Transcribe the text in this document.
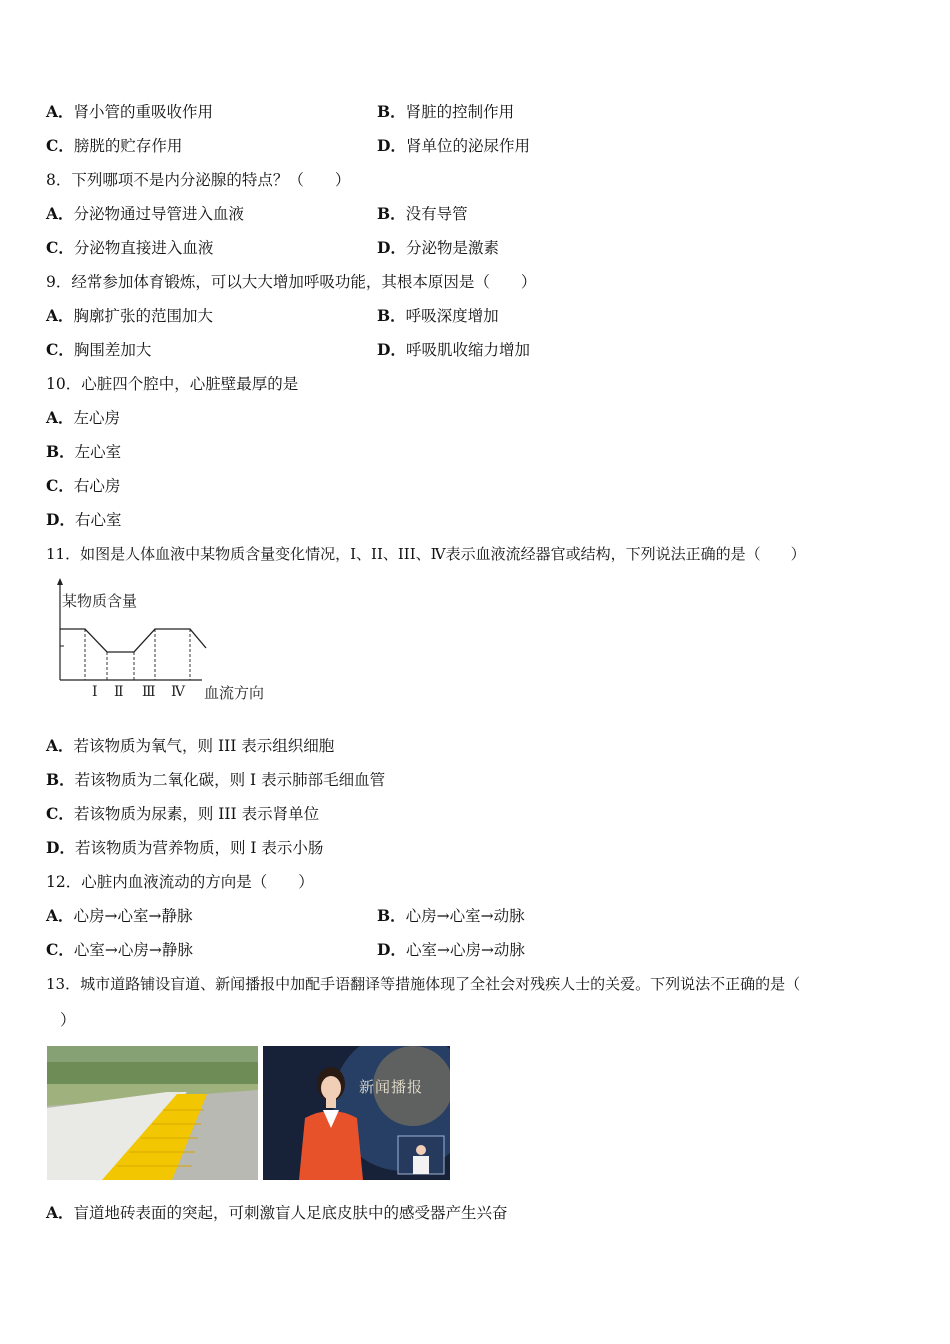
A．肾小管的重吸收作用	B．肾脏的控制作用
C．膀胱的贮存作用	D．肾单位的泌尿作用
8．下列哪项不是内分泌腺的特点？（　　）
A．分泌物通过导管进入血液	B．没有导管
C．分泌物直接进入血液	D．分泌物是激素
9．经常参加体育锻炼，可以大大增加呼吸功能，其根本原因是（　　）
A．胸廓扩张的范围加大	B．呼吸深度增加
C．胸围差加大	D．呼吸肌收缩力增加
10．心脏四个腔中，心脏壁最厚的是
A．左心房
B．左心室
C．右心房
D．右心室
11．如图是人体血液中某物质含量变化情况，I、II、III、Ⅳ表示血液流经器官或结构，下列说法正确的是（　　）
某物质含量
Ⅰ Ⅱ Ⅲ Ⅳ 血流方向
A．若该物质为氧气，则 III 表示组织细胞
B．若该物质为二氧化碳，则 I 表示肺部毛细血管
C．若该物质为尿素，则 III 表示肾单位
D．若该物质为营养物质，则 I 表示小肠
12．心脏内血液流动的方向是（　　）
A．心房→心室→静脉	B．心房→心室→动脉
C．心室→心房→静脉	D．心室→心房→动脉
13．城市道路铺设盲道、新闻播报中加配手语翻译等措施体现了全社会对残疾人士的关爱。下列说法不正确的是（
）
新闻播报
A．盲道地砖表面的突起，可刺激盲人足底皮肤中的感受器产生兴奋
